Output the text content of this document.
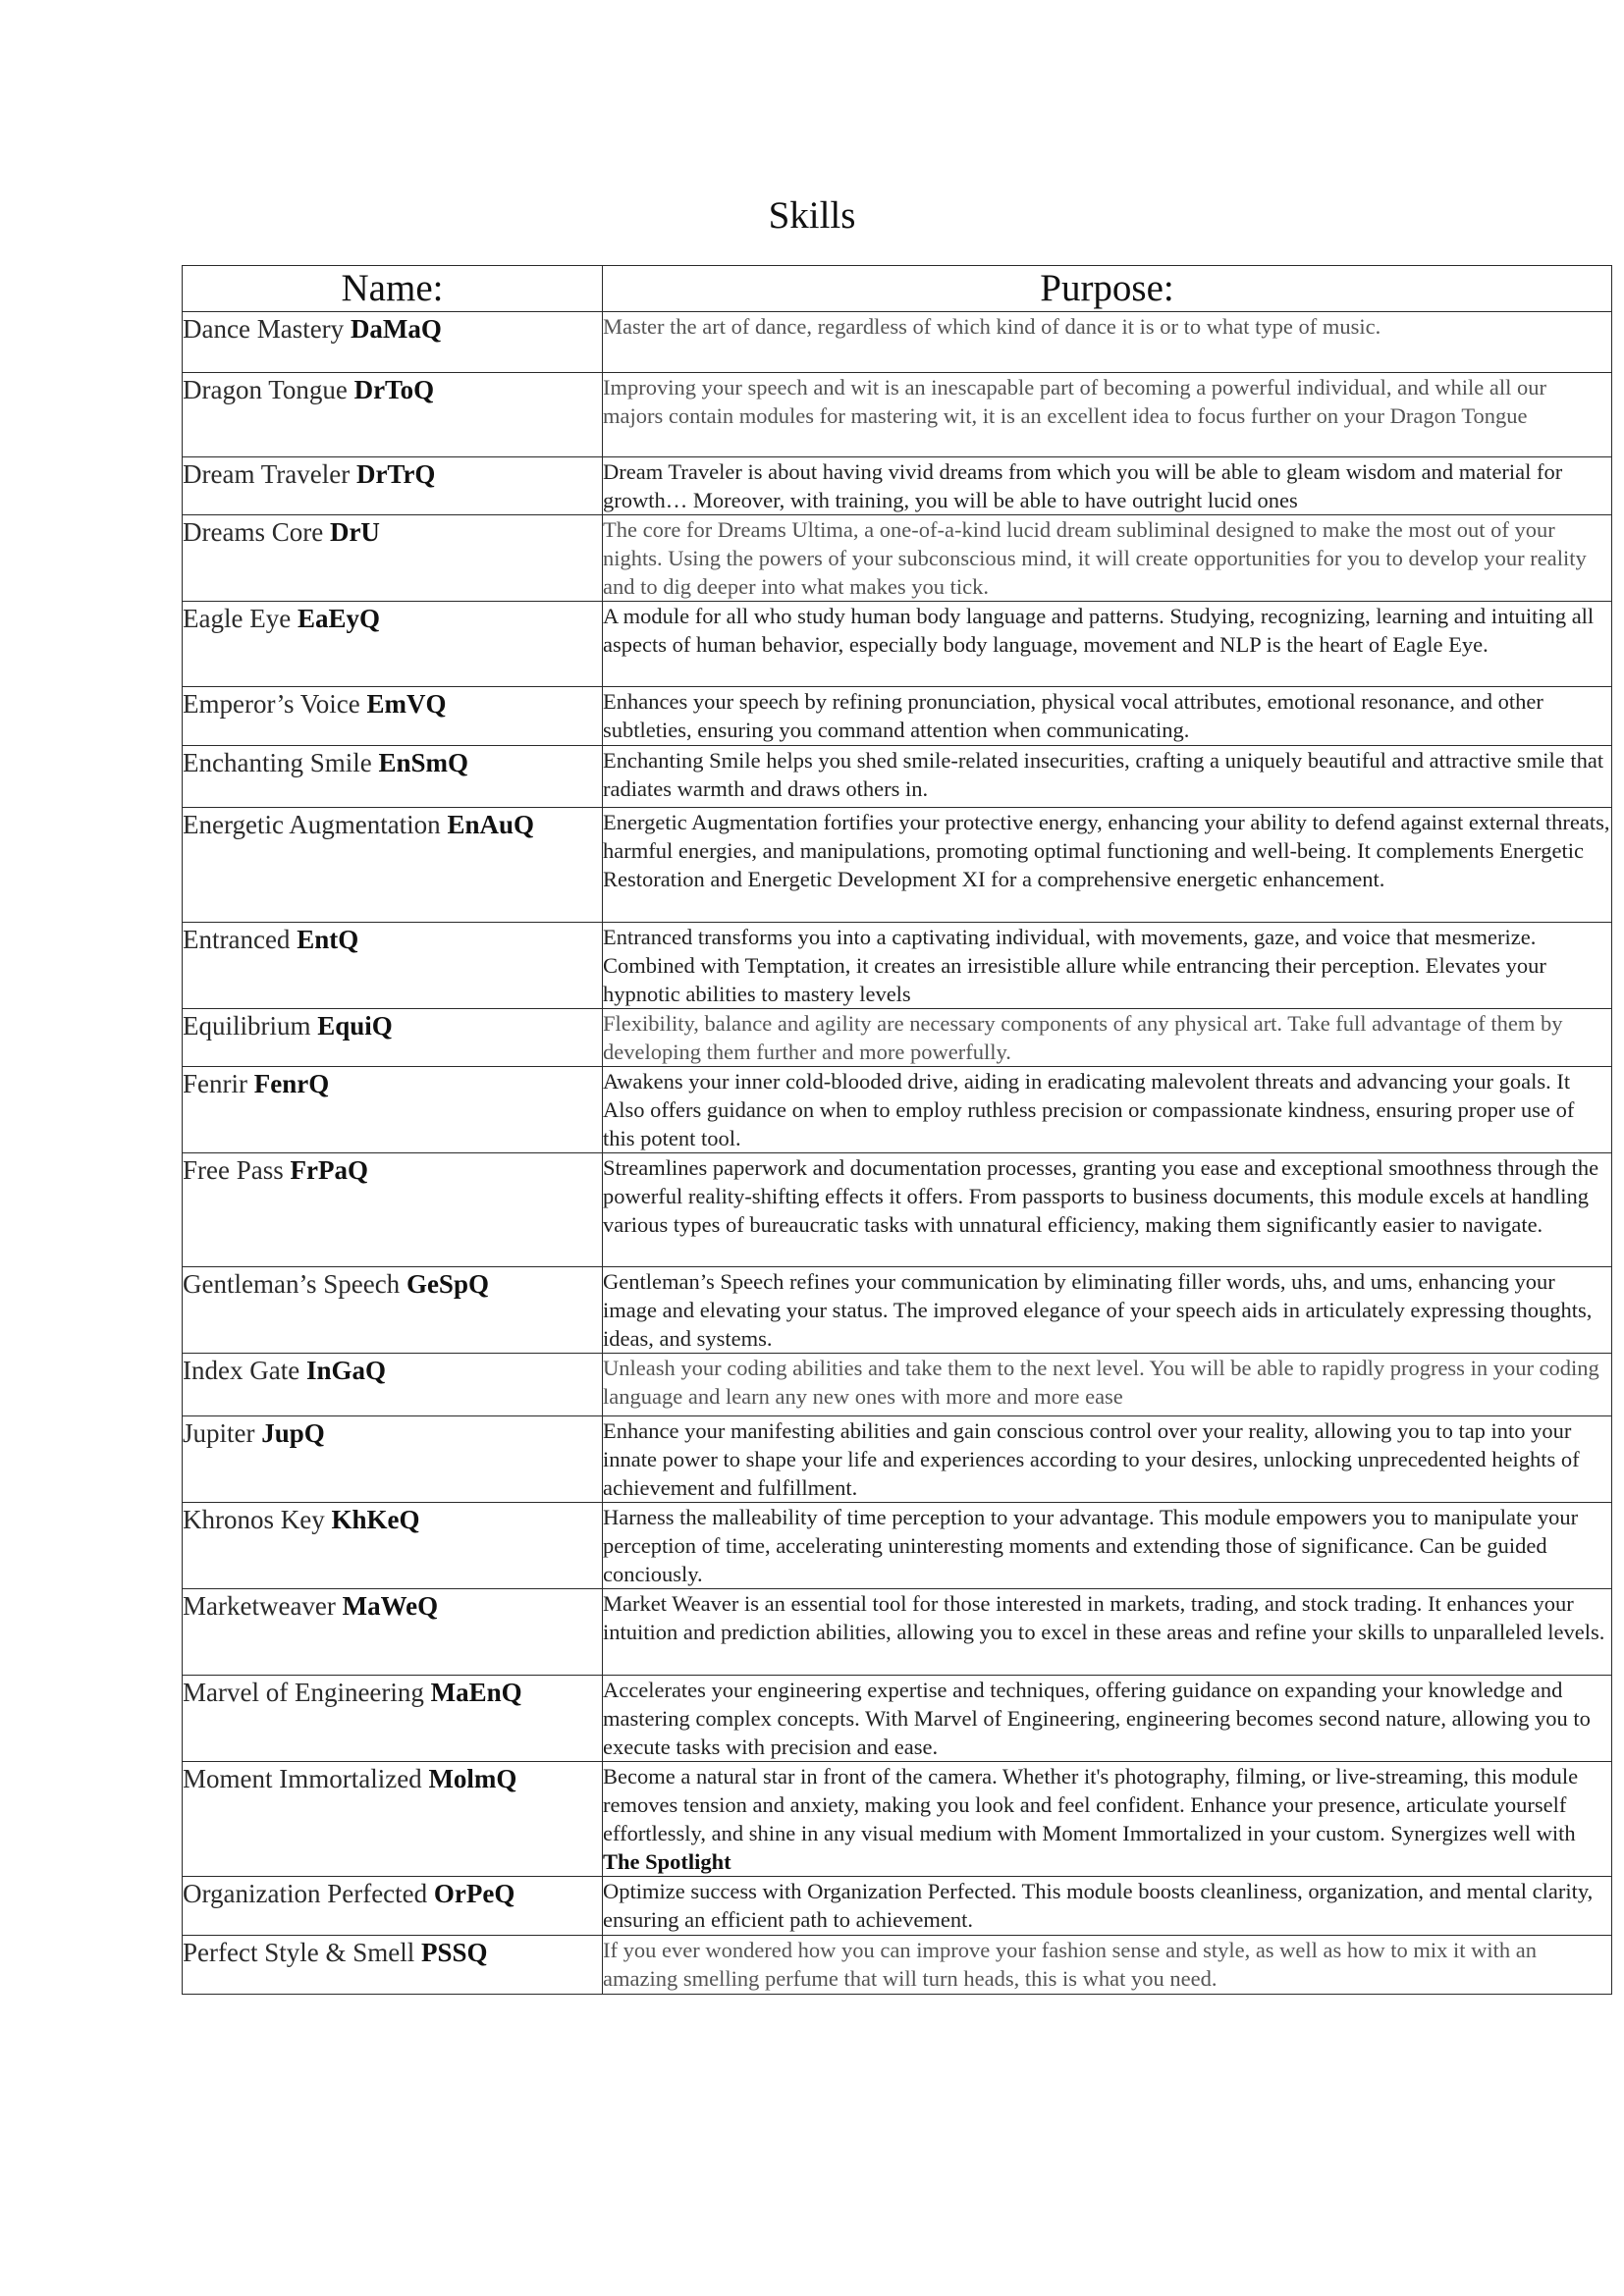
Skills
Name:	Purpose:
Dance Mastery DaMaQ	Master the art of dance, regardless of which kind of dance it is or to what type of music.
Dragon Tongue DrToQ	Improving your speech and wit is an inescapable part of becoming a powerful individual, and while all our majors contain modules for mastering wit, it is an excellent idea to focus further on your Dragon Tongue
Dream Traveler DrTrQ	Dream Traveler is about having vivid dreams from which you will be able to gleam wisdom and material for growth… Moreover, with training, you will be able to have outright lucid ones
Dreams Core DrU	The core for Dreams Ultima, a one-of-a-kind lucid dream subliminal designed to make the most out of your nights. Using the powers of your subconscious mind, it will create opportunities for you to develop your reality and to dig deeper into what makes you tick.
Eagle Eye EaEyQ	A module for all who study human body language and patterns. Studying, recognizing, learning and intuiting all aspects of human behavior, especially body language, movement and NLP is the heart of Eagle Eye.
Emperor’s Voice EmVQ	Enhances your speech by refining pronunciation, physical vocal attributes, emotional resonance, and other subtleties, ensuring you command attention when communicating.
Enchanting Smile EnSmQ	Enchanting Smile helps you shed smile-related insecurities, crafting a uniquely beautiful and attractive smile that radiates warmth and draws others in.
Energetic Augmentation EnAuQ	Energetic Augmentation fortifies your protective energy, enhancing your ability to defend against external threats, harmful energies, and manipulations, promoting optimal functioning and well-being. It complements Energetic Restoration and Energetic Development XI for a comprehensive energetic enhancement.
Entranced EntQ	Entranced transforms you into a captivating individual, with movements, gaze, and voice that mesmerize. Combined with Temptation, it creates an irresistible allure while entrancing their perception. Elevates your hypnotic abilities to mastery levels
Equilibrium EquiQ	Flexibility, balance and agility are necessary components of any physical art. Take full advantage of them by developing them further and more powerfully.
Fenrir FenrQ	Awakens your inner cold-blooded drive, aiding in eradicating malevolent threats and advancing your goals. It Also offers guidance on when to employ ruthless precision or compassionate kindness, ensuring proper use of this potent tool.
Free Pass FrPaQ	Streamlines paperwork and documentation processes, granting you ease and exceptional smoothness through the powerful reality-shifting effects it offers. From passports to business documents, this module excels at handling various types of bureaucratic tasks with unnatural efficiency, making them significantly easier to navigate.
Gentleman’s Speech GeSpQ	Gentleman’s Speech refines your communication by eliminating filler words, uhs, and ums, enhancing your image and elevating your status. The improved elegance of your speech aids in articulately expressing thoughts, ideas, and systems.
Index Gate InGaQ	Unleash your coding abilities and take them to the next level. You will be able to rapidly progress in your coding language and learn any new ones with more and more ease
Jupiter JupQ	Enhance your manifesting abilities and gain conscious control over your reality, allowing you to tap into your innate power to shape your life and experiences according to your desires, unlocking unprecedented heights of achievement and fulfillment.
Khronos Key KhKeQ	Harness the malleability of time perception to your advantage. This module empowers you to manipulate your perception of time, accelerating uninteresting moments and extending those of significance. Can be guided conciously.
Marketweaver MaWeQ	Market Weaver is an essential tool for those interested in markets, trading, and stock trading. It enhances your intuition and prediction abilities, allowing you to excel in these areas and refine your skills to unparalleled levels.
Marvel of Engineering MaEnQ	Accelerates your engineering expertise and techniques, offering guidance on expanding your knowledge and mastering complex concepts. With Marvel of Engineering, engineering becomes second nature, allowing you to execute tasks with precision and ease.
Moment Immortalized MolmQ	Become a natural star in front of the camera. Whether it's photography, filming, or live-streaming, this module removes tension and anxiety, making you look and feel confident. Enhance your presence, articulate yourself effortlessly, and shine in any visual medium with Moment Immortalized in your custom. Synergizes well with The Spotlight
Organization Perfected OrPeQ	Optimize success with Organization Perfected. This module boosts cleanliness, organization, and mental clarity, ensuring an efficient path to achievement.
Perfect Style & Smell PSSQ	If you ever wondered how you can improve your fashion sense and style, as well as how to mix it with an amazing smelling perfume that will turn heads, this is what you need.
